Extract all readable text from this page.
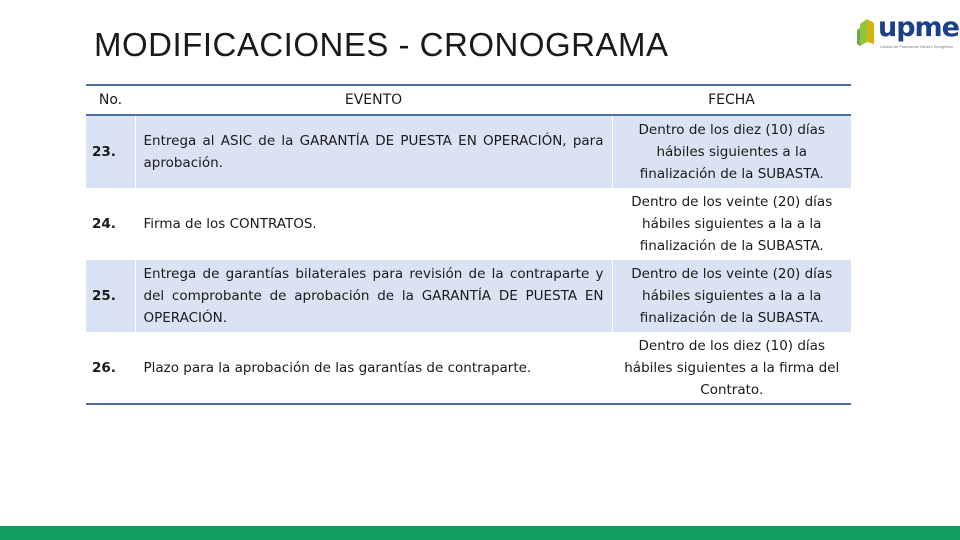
MODIFICACIONES - CRONOGRAMA	upme
Unidad de Planeación Minero Energética
No.	EVENTO	FECHA
23.	Entrega al ASIC de la GARANTÍA DE PUESTA EN OPERACIÓN, para aprobación.	Dentro de los diez (10) días hábiles siguientes a la finalización de la SUBASTA.
24.	Firma de los CONTRATOS.	Dentro de los veinte (20) días hábiles siguientes a la a la finalización de la SUBASTA.
25.	Entrega de garantías bilaterales para revisión de la contraparte y del comprobante de aprobación de la GARANTÍA DE PUESTA EN OPERACIÓN.	Dentro de los veinte (20) días hábiles siguientes a la a la finalización de la SUBASTA.
26.	Plazo para la aprobación de las garantías de contraparte.	Dentro de los diez (10) días hábiles siguientes a la firma del Contrato.
